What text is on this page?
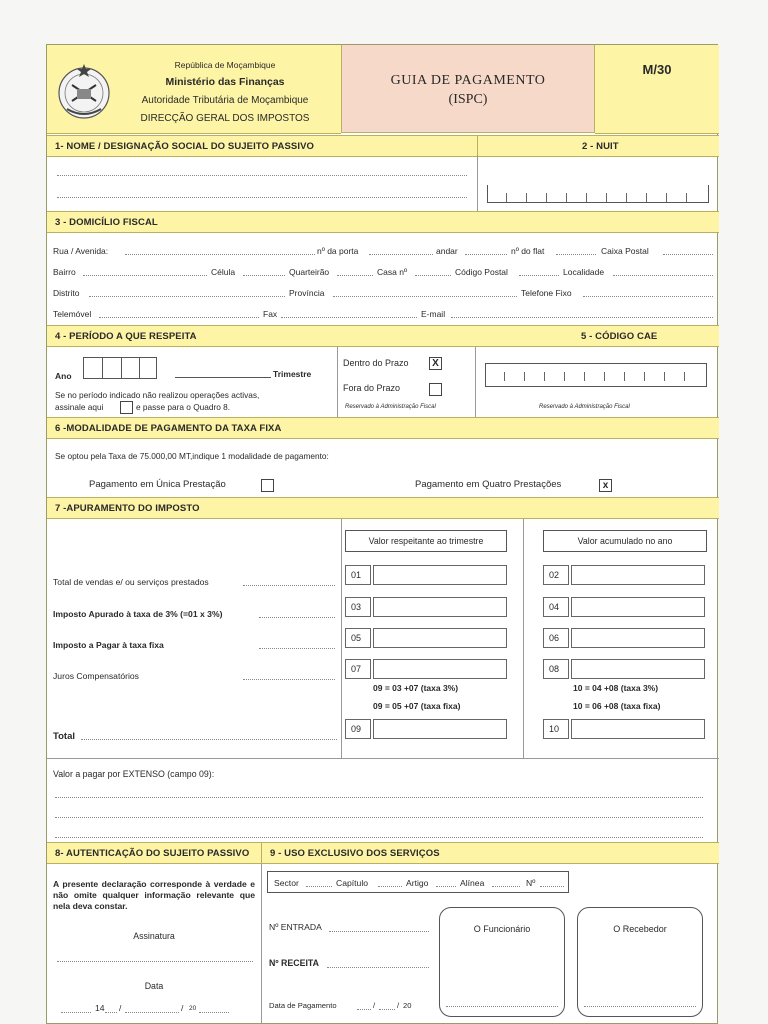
República de Moçambique
Ministério das Finanças
Autoridade Tributária de Moçambique
DIRECÇÃO GERAL DOS IMPOSTOS
GUIA DE PAGAMENTO
(ISPC)
M/30
1- NOME / DESIGNAÇÃO SOCIAL DO SUJEITO PASSIVO	2 - NUIT
3 - DOMICÍLIO FISCAL
Rua / Avenida:	nº da porta	andar	nº do flat	Caixa Postal
Bairro	Célula	Quarteirão	Casa nº	Código Postal	Localidade
Distrito	Província	Telefone Fixo
Telemóvel	Fax	E-mail
4 - PERÍODO A QUE RESPEITA	5 - CÓDIGO CAE
Ano	Trimestre
Se no período indicado não realizou operações activas,
assinale aqui	e passe para o Quadro 8.
Dentro do Prazo	X
Fora do Prazo
Reservado à Administração Fiscal	Reservado à Administração Fiscal
6 -MODALIDADE DE PAGAMENTO DA TAXA FIXA
Se optou pela Taxa de 75.000,00 MT,indique 1 modalidade de pagamento:
Pagamento em Única Prestação	Pagamento em Quatro Prestações	x
7 -APURAMENTO DO IMPOSTO
Valor respeitante ao trimestre	Valor acumulado no ano
Total de vendas e/ ou serviços prestados
01	02
Imposto Apurado à taxa de 3% (=01 x 3%)
03	04
Imposto a Pagar à taxa fixa
05	06
Juros Compensatórios
07	08
09 = 03 +07 (taxa 3%)
09 = 05 +07 (taxa fixa)
10 = 04 +08 (taxa 3%)
10 = 06 +08 (taxa fixa)
Total
09	10
Valor a pagar por EXTENSO (campo 09):
8- AUTENTICAÇÃO DO SUJEITO PASSIVO	9 - USO EXCLUSIVO DOS SERVIÇOS
A presente declaração corresponde à verdade e não omite qualquer informação relevante que nela deva constar.
Assinatura
Data
14 /	/ 20
Sector	Capítulo	Artigo	Alínea	Nº
Nº ENTRADA
Nº RECEITA
Data de Pagamento	/	/ 20
O Funcionário	O Recebedor
